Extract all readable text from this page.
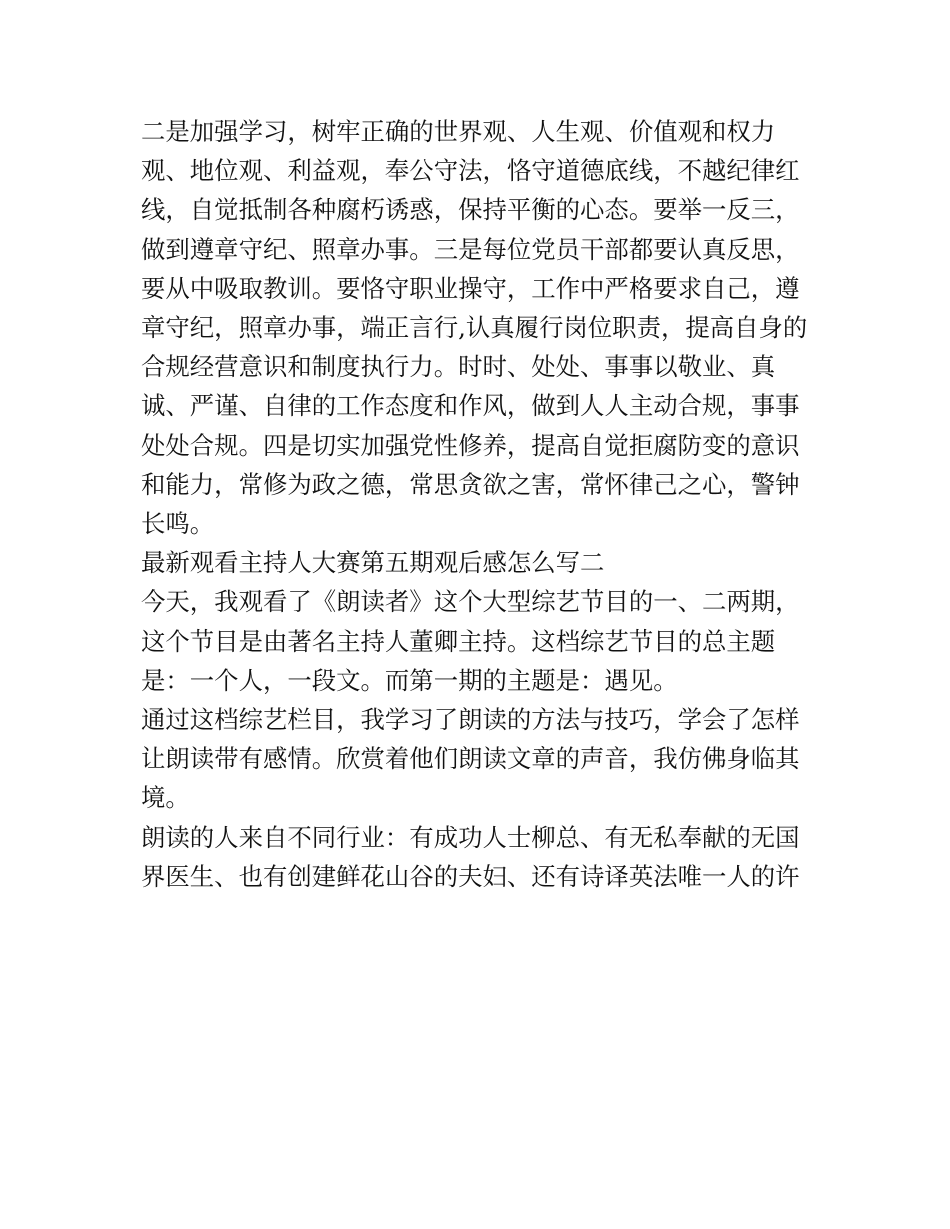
二是加强学习，树牢正确的世界观、人生观、价值观和权力观、地位观、利益观，奉公守法，恪守道德底线，不越纪律红线，自觉抵制各种腐朽诱惑，保持平衡的心态。要举一反三，做到遵章守纪、照章办事。三是每位党员干部都要认真反思，要从中吸取教训。要恪守职业操守，工作中严格要求自己，遵章守纪，照章办事，端正言行,认真履行岗位职责，提高自身的合规经营意识和制度执行力。时时、处处、事事以敬业、真诚、严谨、自律的工作态度和作风，做到人人主动合规，事事处处合规。四是切实加强党性修养，提高自觉拒腐防变的意识和能力，常修为政之德，常思贪欲之害，常怀律己之心，警钟长鸣。

最新观看主持人大赛第五期观后感怎么写二

今天，我观看了《朗读者》这个大型综艺节目的一、二两期，这个节目是由著名主持人董卿主持。这档综艺节目的总主题是：一个人，一段文。而第一期的主题是：遇见。

通过这档综艺栏目，我学习了朗读的方法与技巧，学会了怎样让朗读带有感情。欣赏着他们朗读文章的声音，我仿佛身临其境。

朗读的人来自不同行业：有成功人士柳总、有无私奉献的无国界医生、也有创建鲜花山谷的夫妇、还有诗译英法唯一人的许
